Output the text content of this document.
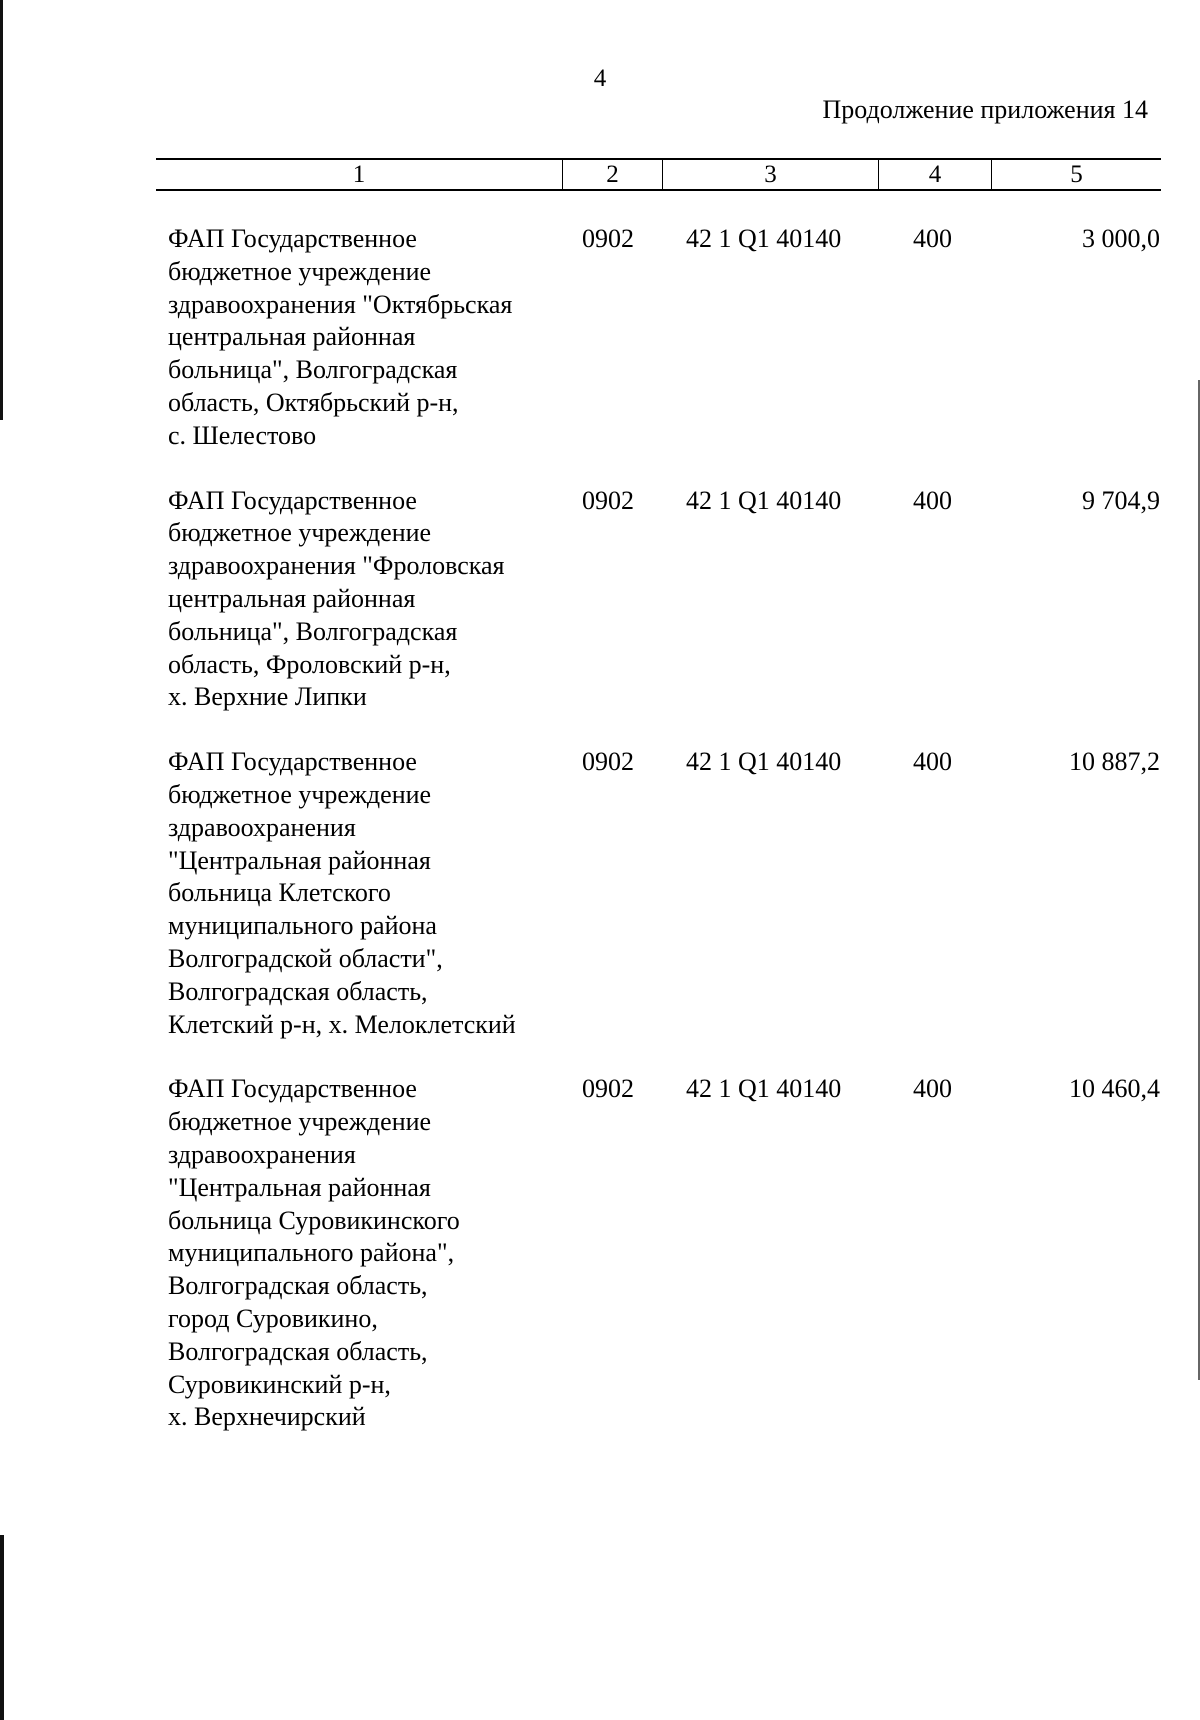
4
Продолжение приложения 14
1	2	3	4	5
ФАП Государственное
бюджетное учреждение
здравоохранения "Октябрьская
центральная районная
больница", Волгоградская
область, Октябрьский р-н,
с. Шелестово
0902 42 1 Q1 40140	400	3 000,0
ФАП Государственное
бюджетное учреждение
здравоохранения "Фроловская
центральная районная
больница", Волгоградская
область, Фроловский р-н,
х. Верхние Липки
0902 42 1 Q1 40140	400	9 704,9
ФАП Государственное
бюджетное учреждение
здравоохранения
"Центральная районная
больница Клетского
муниципального района
Волгоградской области",
Волгоградская область,
Клетский р-н, х. Мелоклетский
0902 42 1 Q1 40140	400	10 887,2
ФАП Государственное
бюджетное учреждение
здравоохранения
"Центральная районная
больница Суровикинского
муниципального района",
Волгоградская область,
город Суровикино,
Волгоградская область,
Суровикинский р-н,
х. Верхнечирский
0902 42 1 Q1 40140	400	10 460,4
